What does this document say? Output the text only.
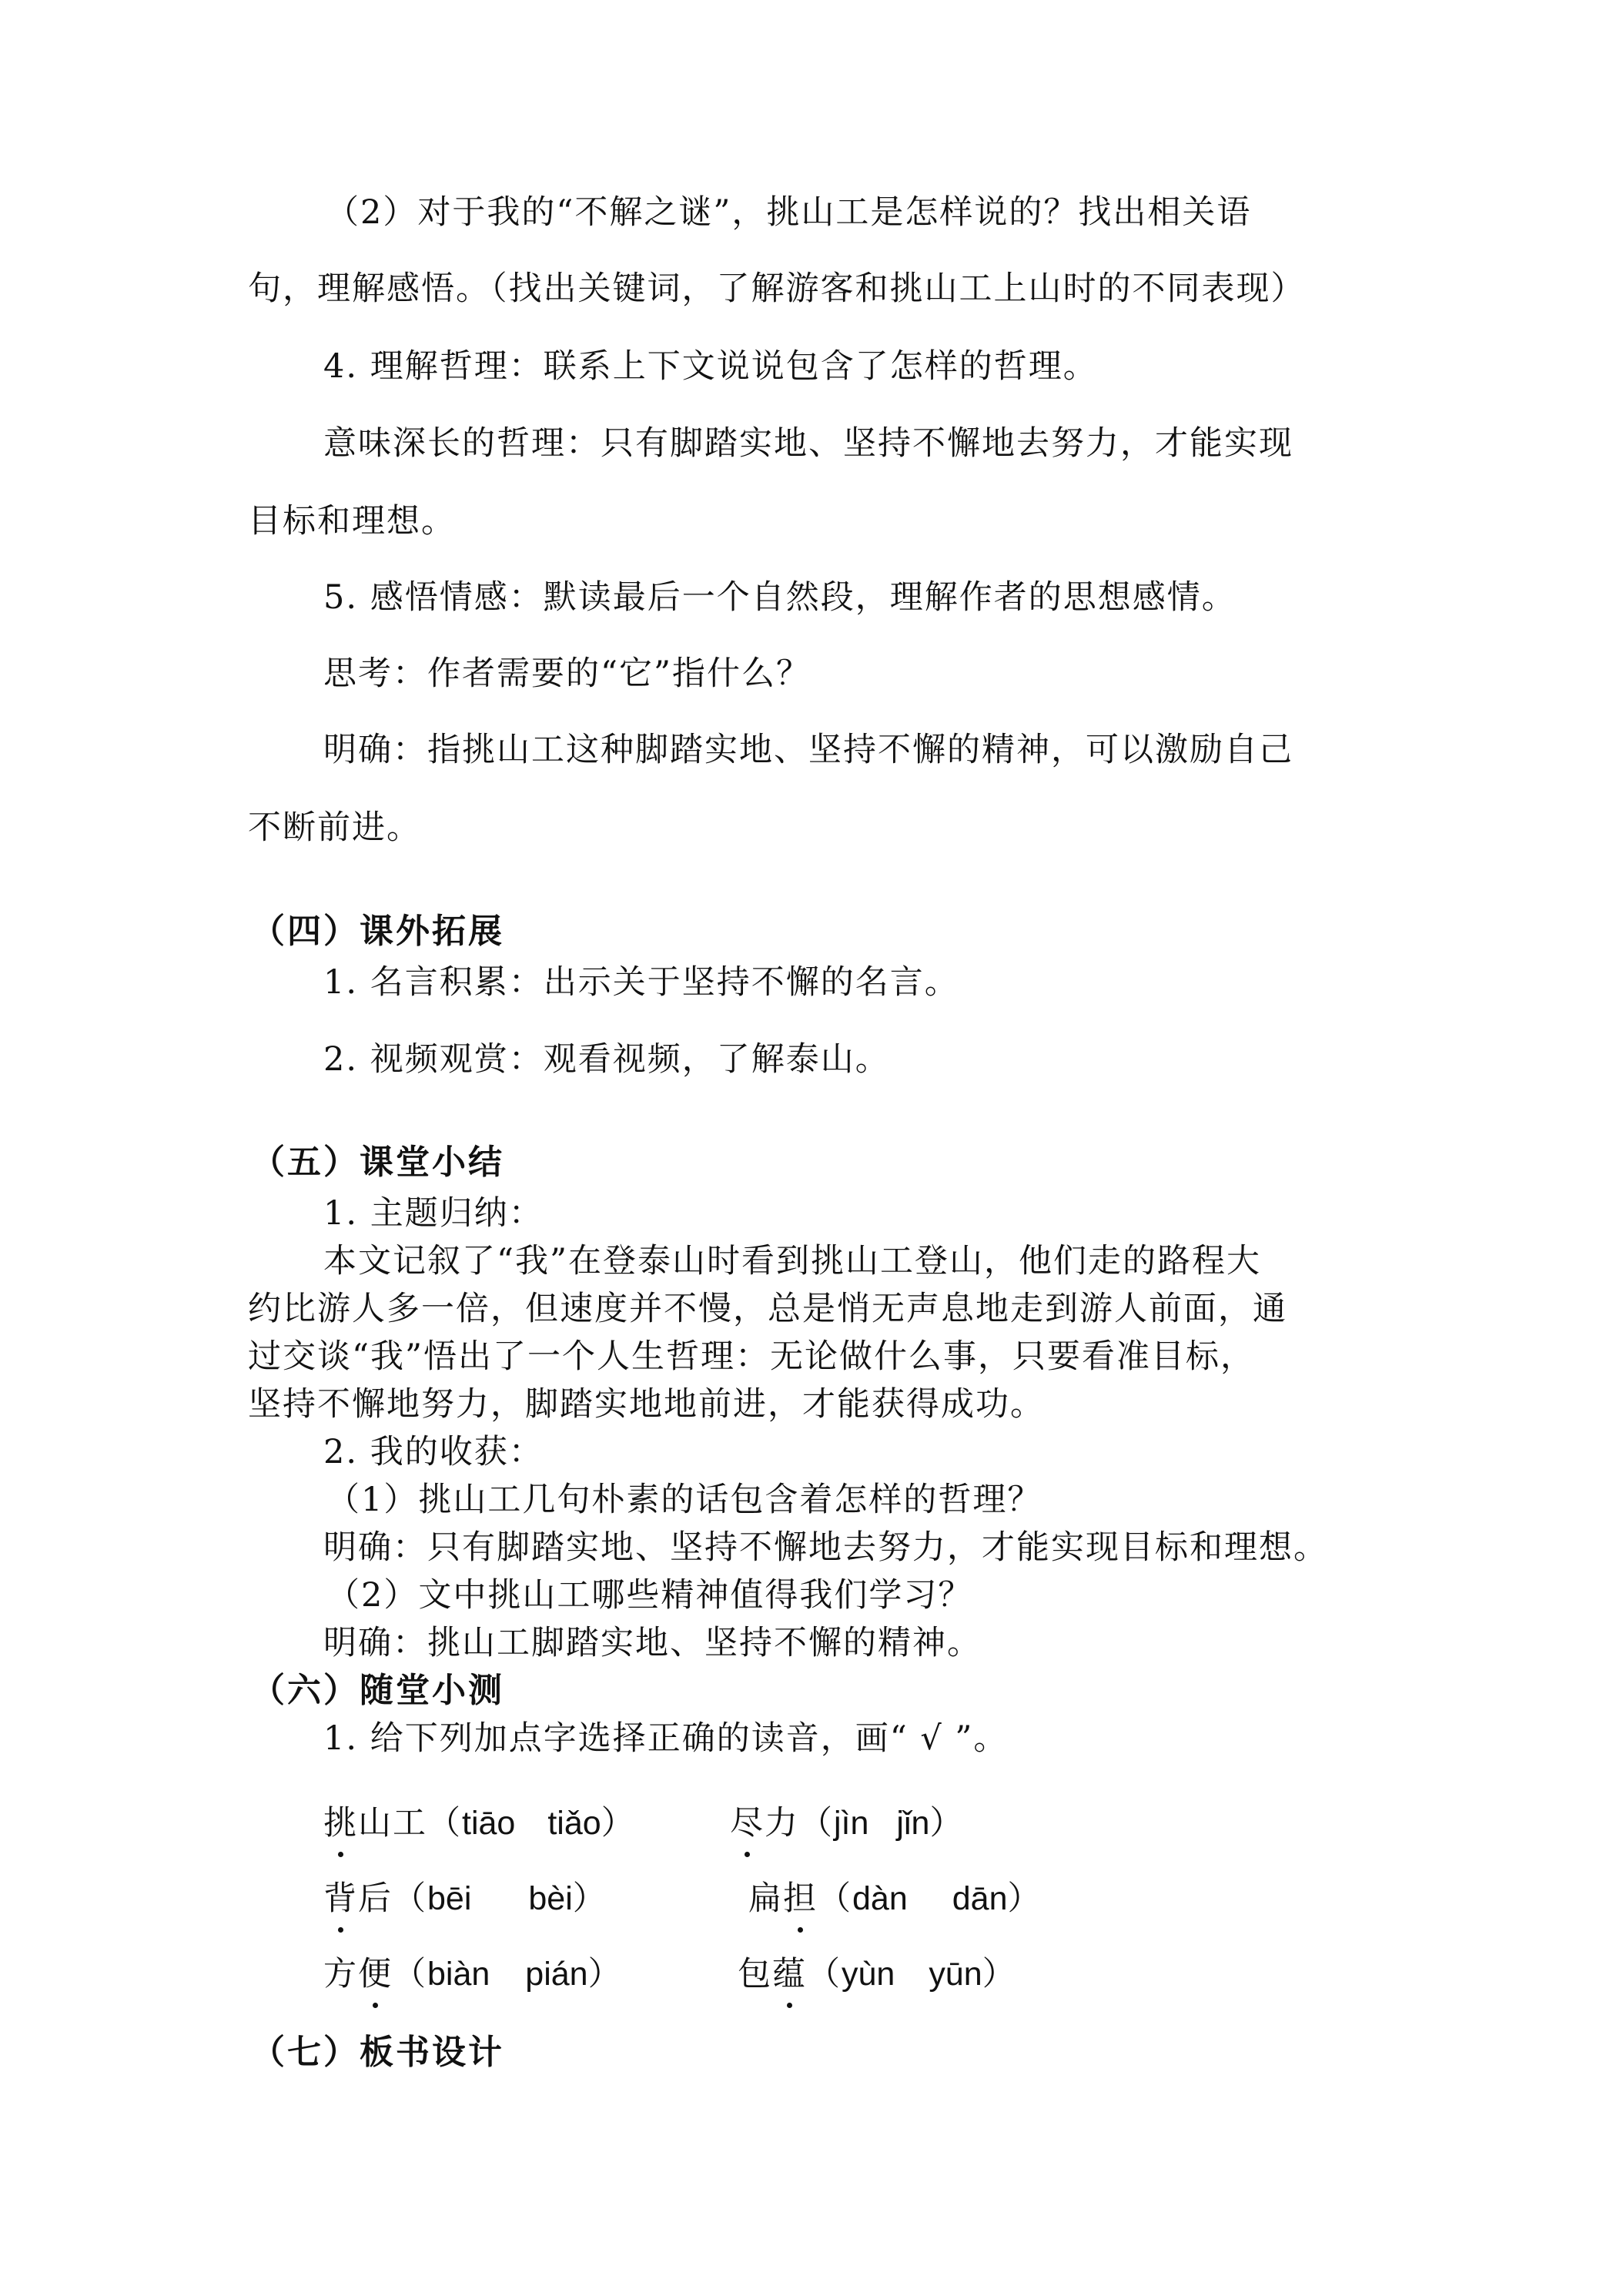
（2）对于我的“不解之谜”，挑山工是怎样说的？找出相关语
句，理解感悟。（找出关键词，了解游客和挑山工上山时的不同表现）
4. 理解哲理：联系上下文说说包含了怎样的哲理。
意味深长的哲理：只有脚踏实地、坚持不懈地去努力，才能实现
目标和理想。
5. 感悟情感：默读最后一个自然段，理解作者的思想感情。
思考：作者需要的“它”指什么？
明确：指挑山工这种脚踏实地、坚持不懈的精神，可以激励自己
不断前进。
（四）课外拓展
1. 名言积累：出示关于坚持不懈的名言。
2. 视频观赏：观看视频，了解泰山。
（五）课堂小结
1. 主题归纳：
本文记叙了“我”在登泰山时看到挑山工登山，他们走的路程大
约比游人多一倍，但速度并不慢，总是悄无声息地走到游人前面，通
过交谈“我”悟出了一个人生哲理：无论做什么事，只要看准目标，
坚持不懈地努力，脚踏实地地前进，才能获得成功。
2. 我的收获：
（1）挑山工几句朴素的话包含着怎样的哲理？
明确：只有脚踏实地、坚持不懈地去努力，才能实现目标和理想。
（2）文中挑山工哪些精神值得我们学习？
明确：挑山工脚踏实地、坚持不懈的精神。
（六）随堂小测
1. 给下列加点字选择正确的读音，画“ √ ”。
挑山工（tiāo tiǎo）	尽力（jìn jǐn）
背后（bēi bèi）	扁担（dàn dān）
方便（biàn pián）	包蕴（yùn yūn）
（七）板书设计
